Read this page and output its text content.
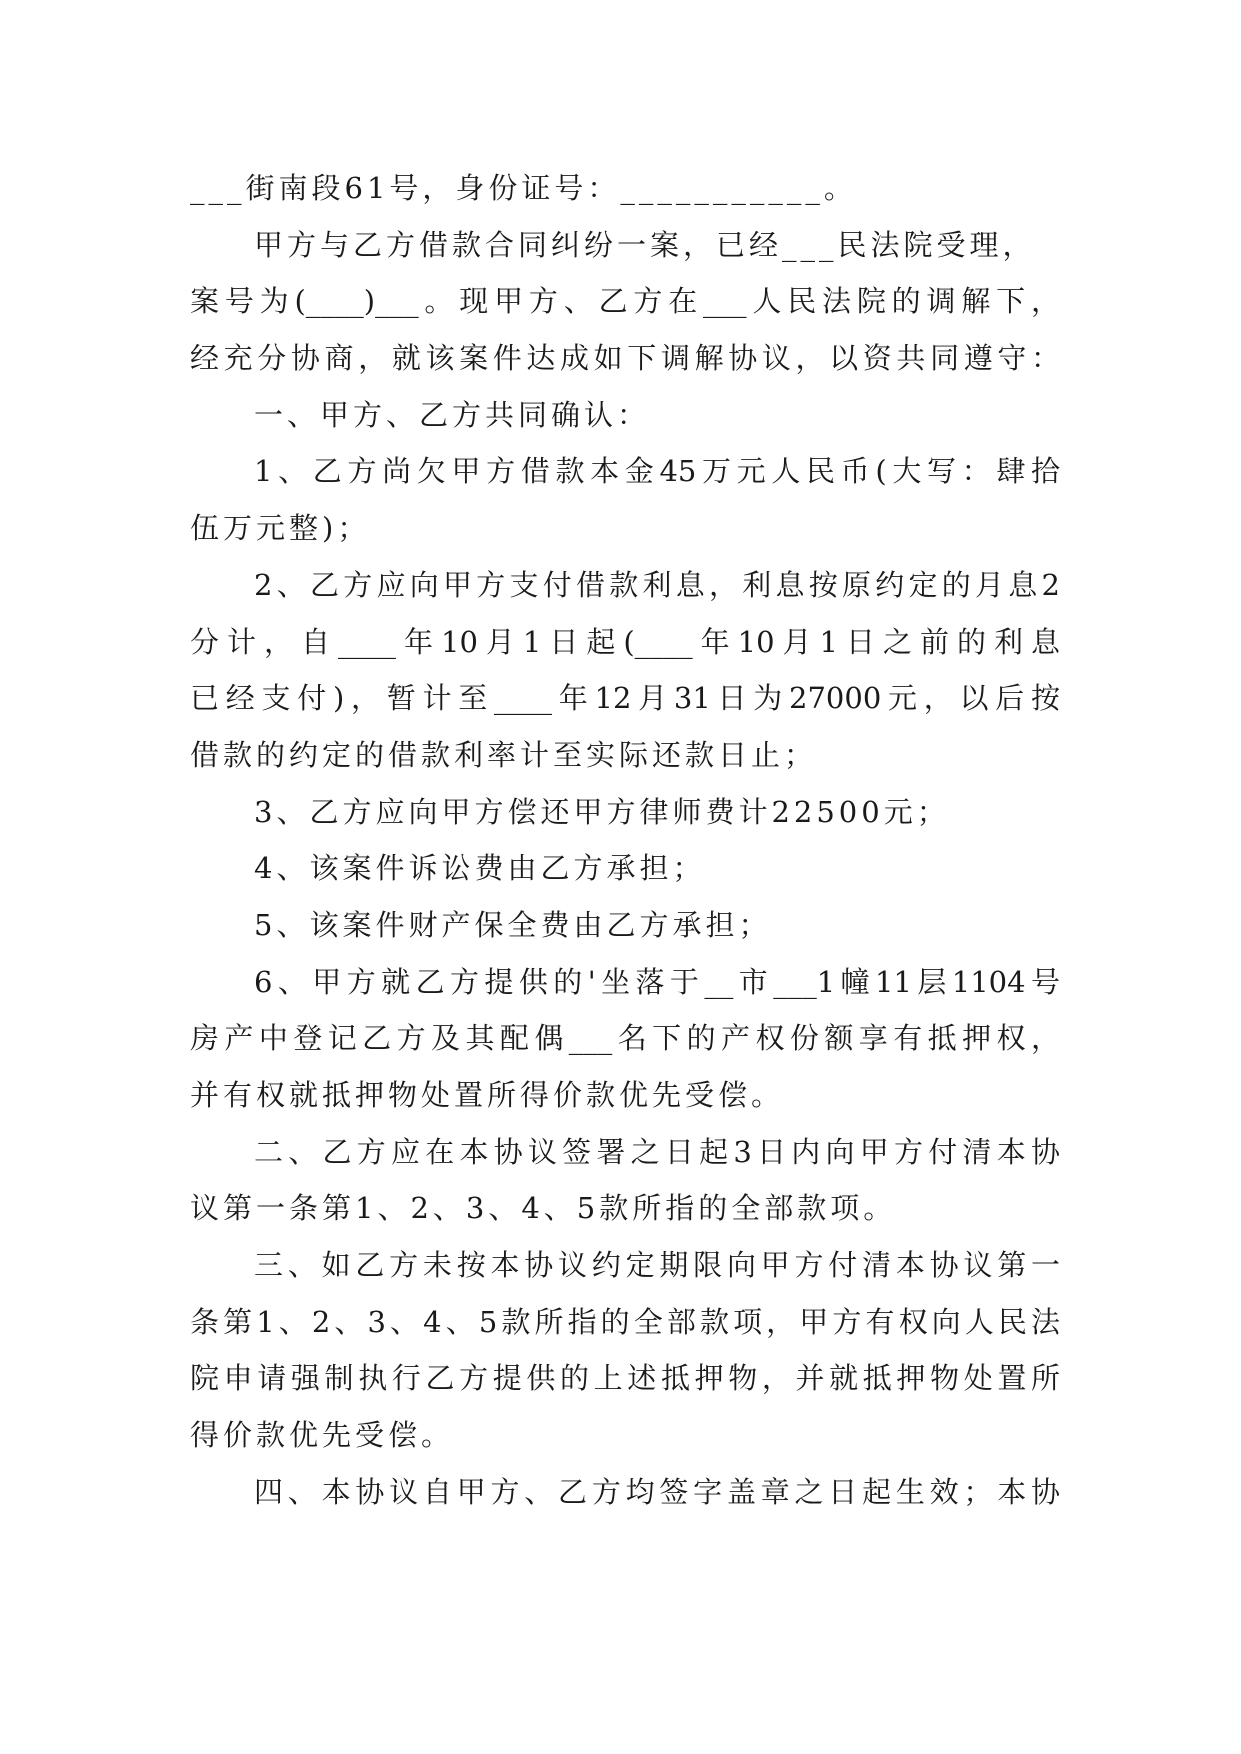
___街南段61号，身份证号：___________。
甲方与乙方借款合同纠纷一案，已经___民法院受理，
案号为(____)___。现甲方、乙方在___人民法院的调解下，
经充分协商，就该案件达成如下调解协议，以资共同遵守：
一、甲方、乙方共同确认：
1、乙方尚欠甲方借款本金45万元人民币(大写：肆拾
伍万元整)；
2、乙方应向甲方支付借款利息，利息按原约定的月息2
分计，自____年10月1日起(____年10月1日之前的利息
已经支付)，暂计至____年12月31日为27000元，以后按
借款的约定的借款利率计至实际还款日止；
3、乙方应向甲方偿还甲方律师费计22500元；
4、该案件诉讼费由乙方承担；
5、该案件财产保全费由乙方承担；
6、甲方就乙方提供的'坐落于__市___1幢11层1104号
房产中登记乙方及其配偶___名下的产权份额享有抵押权，
并有权就抵押物处置所得价款优先受偿。
二、乙方应在本协议签署之日起3日内向甲方付清本协
议第一条第1、2、3、4、5款所指的全部款项。
三、如乙方未按本协议约定期限向甲方付清本协议第一
条第1、2、3、4、5款所指的全部款项，甲方有权向人民法
院申请强制执行乙方提供的上述抵押物，并就抵押物处置所
得价款优先受偿。
四、本协议自甲方、乙方均签字盖章之日起生效；本协
